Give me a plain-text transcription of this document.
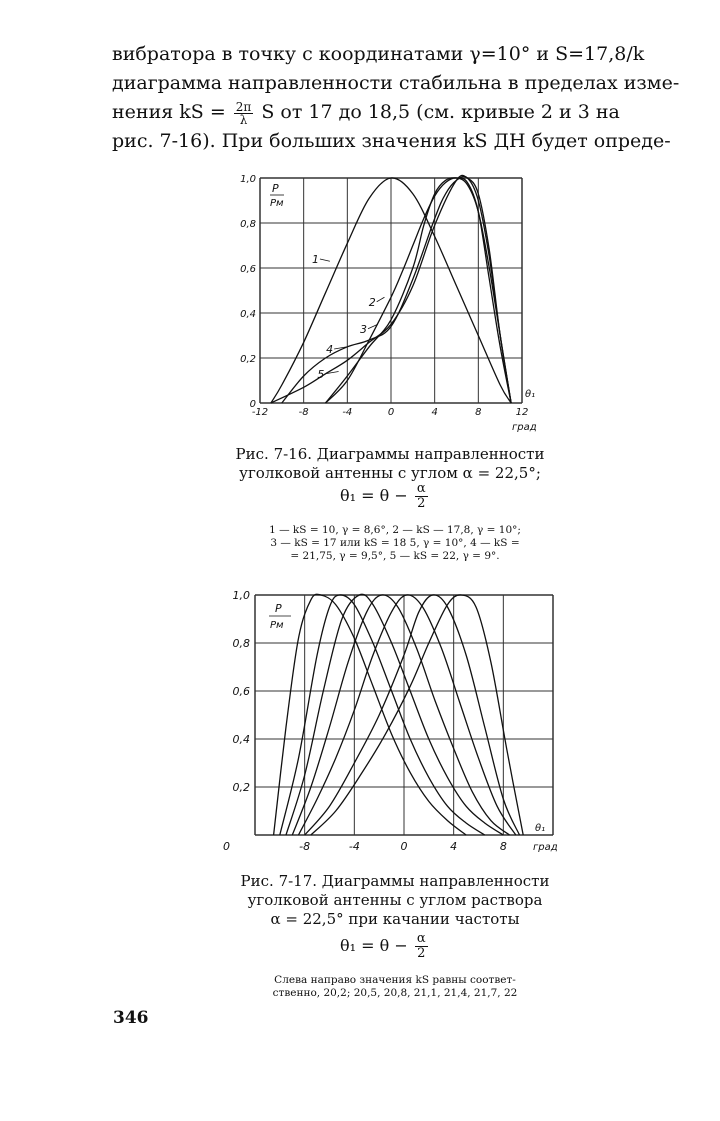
вибратора в точку с координатами γ=10° и S=17,8/k
диаграмма направленности стабильна в пределах изме-
нения kS = $\frac{2\pi}{\lambda}$ S от 17 до 18,5 (см. кривые 2 и 3 на
рис. 7-16). При больших значения kS ДН будет опреде-
0
0,2
0,4
0,6
0,8
1,0
-12	-8	-4	0	4	8	12
P
Pм
θ₁
град
1
2
3
4
5
Рис. 7-16. Диаграммы направленности
уголковой антенны с углом α = 22,5°;
$\theta_1 = \theta - \frac{\alpha}{2}$
1 — kS = 10, γ = 8,6°, 2 — kS — 17,8, γ = 10°;
3 — kS = 17 или kS = 18 5, γ = 10°, 4 — kS =
= 21,75, γ = 9,5°, 5 — kS = 22, γ = 9°.
0,2
0,4
0,6
0,8
1,0
0	-8	-4	0	4	8
P
Pм
θ₁
град
Рис. 7-17. Диаграммы направленности
уголковой антенны с углом раствора
α = 22,5° при качании частоты
$\theta_1 = \theta - \frac{\alpha}{2}$
Слева направо значения kS равны соответ-
ственно, 20,2; 20,5, 20,8, 21,1, 21,4, 21,7, 22
346
